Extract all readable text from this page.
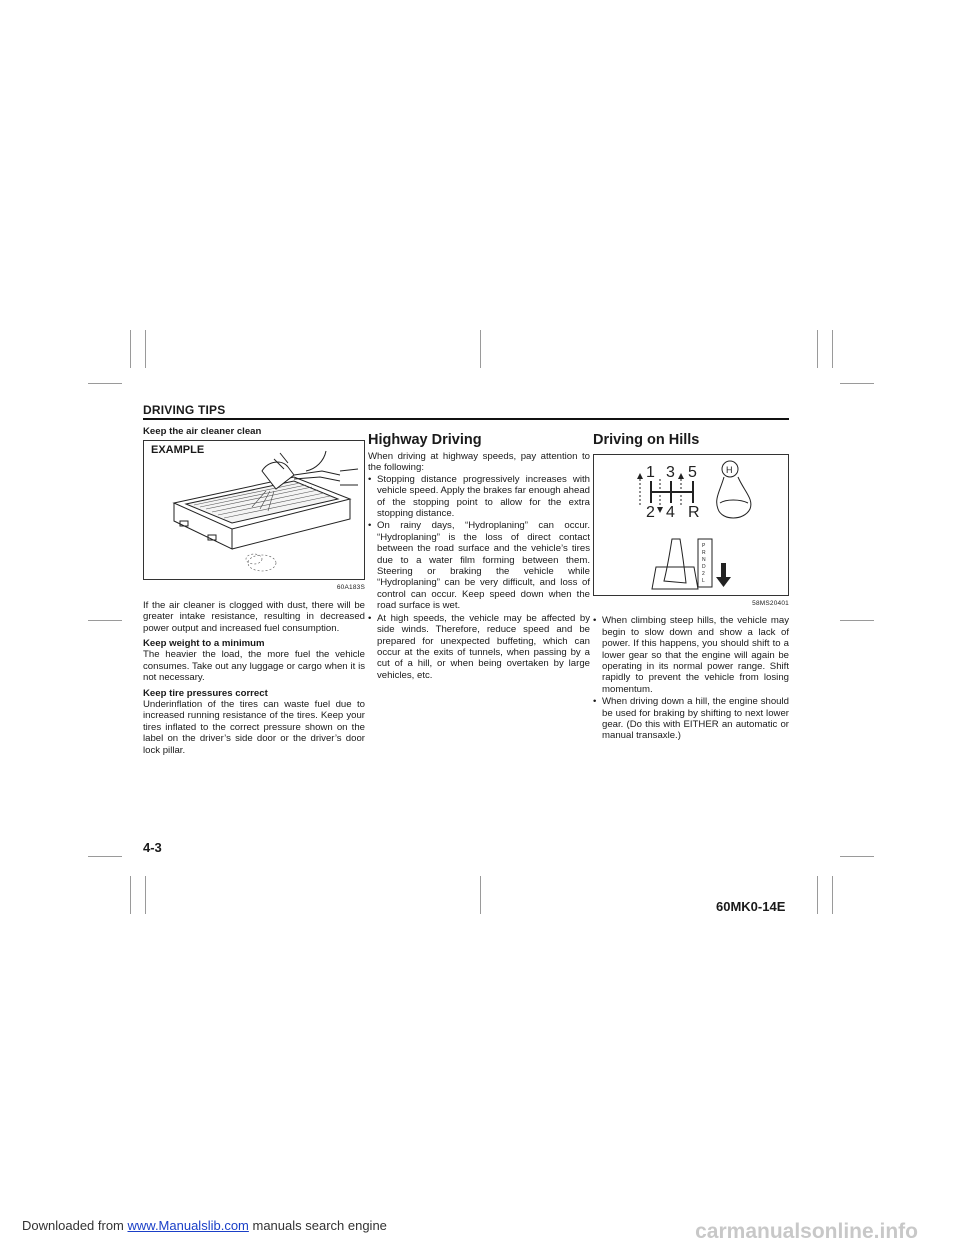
DRIVING TIPS

Keep the air cleaner clean

EXAMPLE
60A183S

If the air cleaner is clogged with dust, there will be greater intake resistance, resulting in decreased power output and increased fuel consumption.

Keep weight to a minimum

The heavier the load, the more fuel the vehicle consumes. Take out any luggage or cargo when it is not necessary.

Keep tire pressures correct

Underinflation of the tires can waste fuel due to increased running resistance of the tires. Keep your tires inflated to the correct pressure shown on the label on the driver’s side door or the driver’s door lock pillar.

Highway Driving

When driving at highway speeds, pay attention to the following:

• Stopping distance progressively increases with vehicle speed. Apply the brakes far enough ahead of the stopping point to allow for the extra stopping distance.
• On rainy days, “Hydroplaning” can occur. “Hydroplaning” is the loss of direct contact between the road surface and the vehicle’s tires due to a water film forming between them. Steering or braking the vehicle while “Hydroplaning” can be very difficult, and loss of control can occur. Keep speed down when the road surface is wet.
• At high speeds, the vehicle may be affected by side winds. Therefore, reduce speed and be prepared for unexpected buffeting, which can occur at the exits of tunnels, when passing by a cut of a hill, or when being overtaken by large vehicles, etc.
Driving on Hills
1 3 5
2 4 R
H
P
R
N
D
2
L
58MS20401
• When climbing steep hills, the vehicle may begin to slow down and show a lack of power. If this happens, you should shift to a lower gear so that the engine will again be operating in its normal power range. Shift rapidly to prevent the vehicle from losing momentum.
• When driving down a hill, the engine should be used for braking by shifting to next lower gear. (Do this with EITHER an automatic or manual transaxle.)
4-3
60MK0-14E
Downloaded from www.Manualslib.com manuals search engine	carmanualsonline.info
